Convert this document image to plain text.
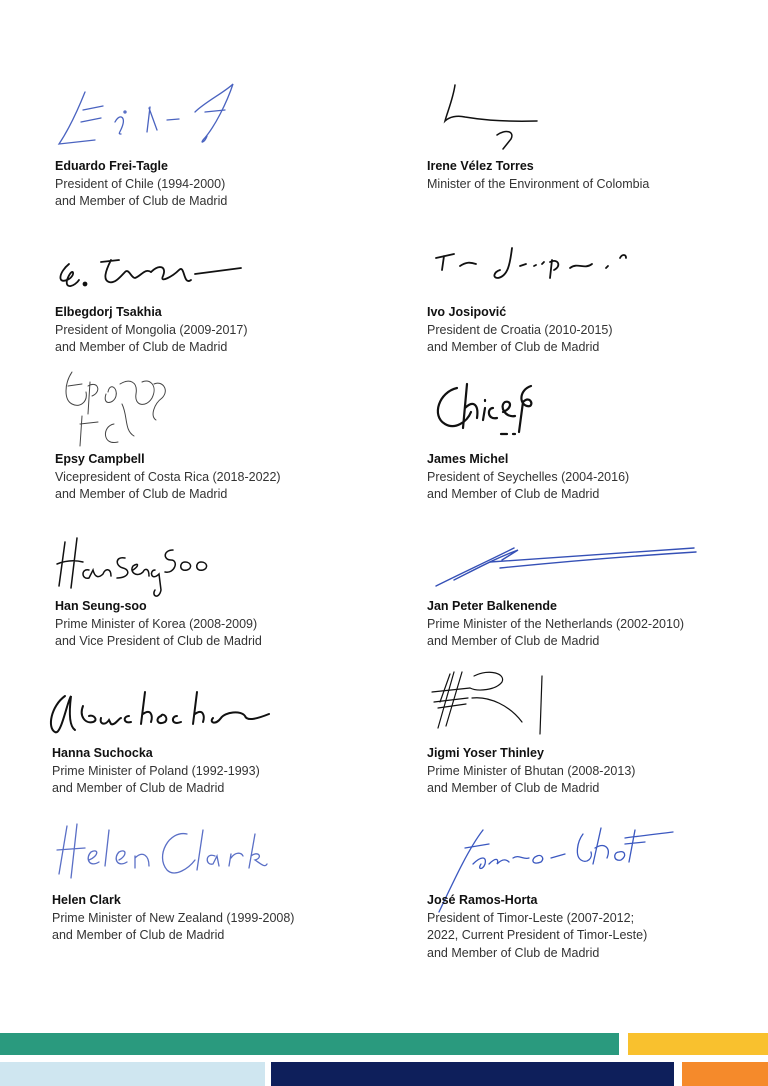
Eduardo Frei-Tagle
President of Chile (1994-2000)
and Member of Club de Madrid
Elbegdorj Tsakhia
President of Mongolia (2009-2017)
and Member of Club de Madrid
Epsy Campbell
Vicepresident of Costa Rica (2018-2022)
and Member of Club de Madrid
Han Seung-soo
Prime Minister of Korea (2008-2009)
and Vice President of Club de Madrid
Hanna Suchocka
Prime Minister of Poland (1992-1993)
and Member of Club de Madrid
Helen Clark
Prime Minister of New Zealand (1999-2008)
and Member of Club de Madrid
Irene Vélez Torres
Minister of the Environment of Colombia
Ivo Josipović
President de Croatia (2010-2015)
and Member of Club de Madrid
James Michel
President of Seychelles (2004-2016)
and Member of Club de Madrid
Jan Peter Balkenende
Prime Minister of the Netherlands (2002-2010)
and Member of Club de Madrid
Jigmi Yoser Thinley
Prime Minister of Bhutan (2008-2013)
and Member of Club de Madrid
José Ramos-Horta
President of Timor-Leste (2007-2012;
2022, Current President of Timor-Leste)
and Member of Club de Madrid
